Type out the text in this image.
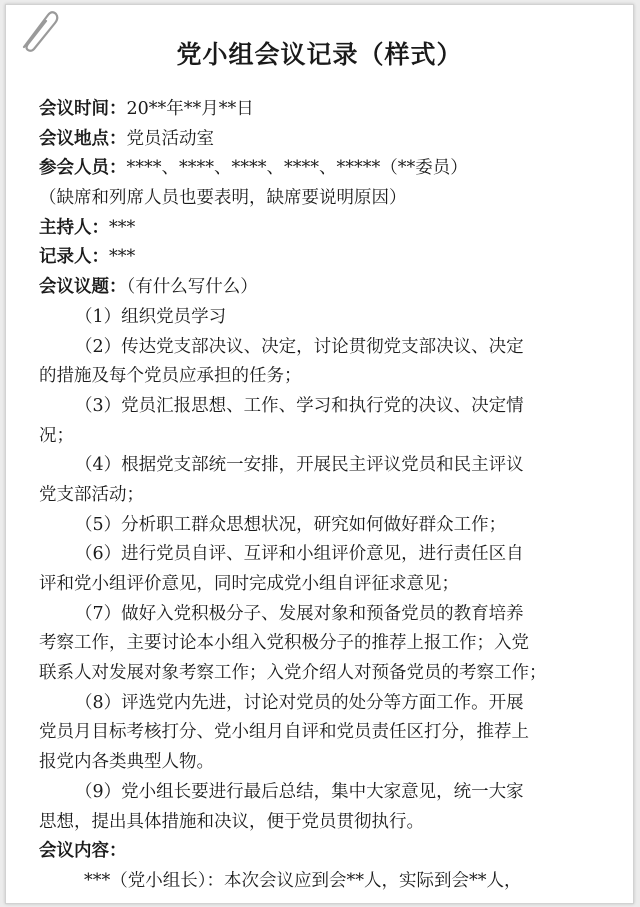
党小组会议记录（样式）
会议时间：20**年**月**日
会议地点：党员活动室
参会人员：****、****、****、****、*****（**委员）
（缺席和列席人员也要表明，缺席要说明原因）
主持人：***
记录人：***
会议议题：（有什么写什么）
（1）组织党员学习
（2）传达党支部决议、决定，讨论贯彻党支部决议、决定
的措施及每个党员应承担的任务；
（3）党员汇报思想、工作、学习和执行党的决议、决定情
况；
（4）根据党支部统一安排，开展民主评议党员和民主评议
党支部活动；
（5）分析职工群众思想状况，研究如何做好群众工作；
（6）进行党员自评、互评和小组评价意见，进行责任区自
评和党小组评价意见，同时完成党小组自评征求意见；
（7）做好入党积极分子、发展对象和预备党员的教育培养
考察工作，主要讨论本小组入党积极分子的推荐上报工作；入党
联系人对发展对象考察工作；入党介绍人对预备党员的考察工作；
（8）评选党内先进，讨论对党员的处分等方面工作。开展
党员月目标考核打分、党小组月自评和党员责任区打分，推荐上
报党内各类典型人物。
（9）党小组长要进行最后总结，集中大家意见，统一大家
思想，提出具体措施和决议，便于党员贯彻执行。
会议内容：
***（党小组长）：本次会议应到会**人，实际到会**人，
